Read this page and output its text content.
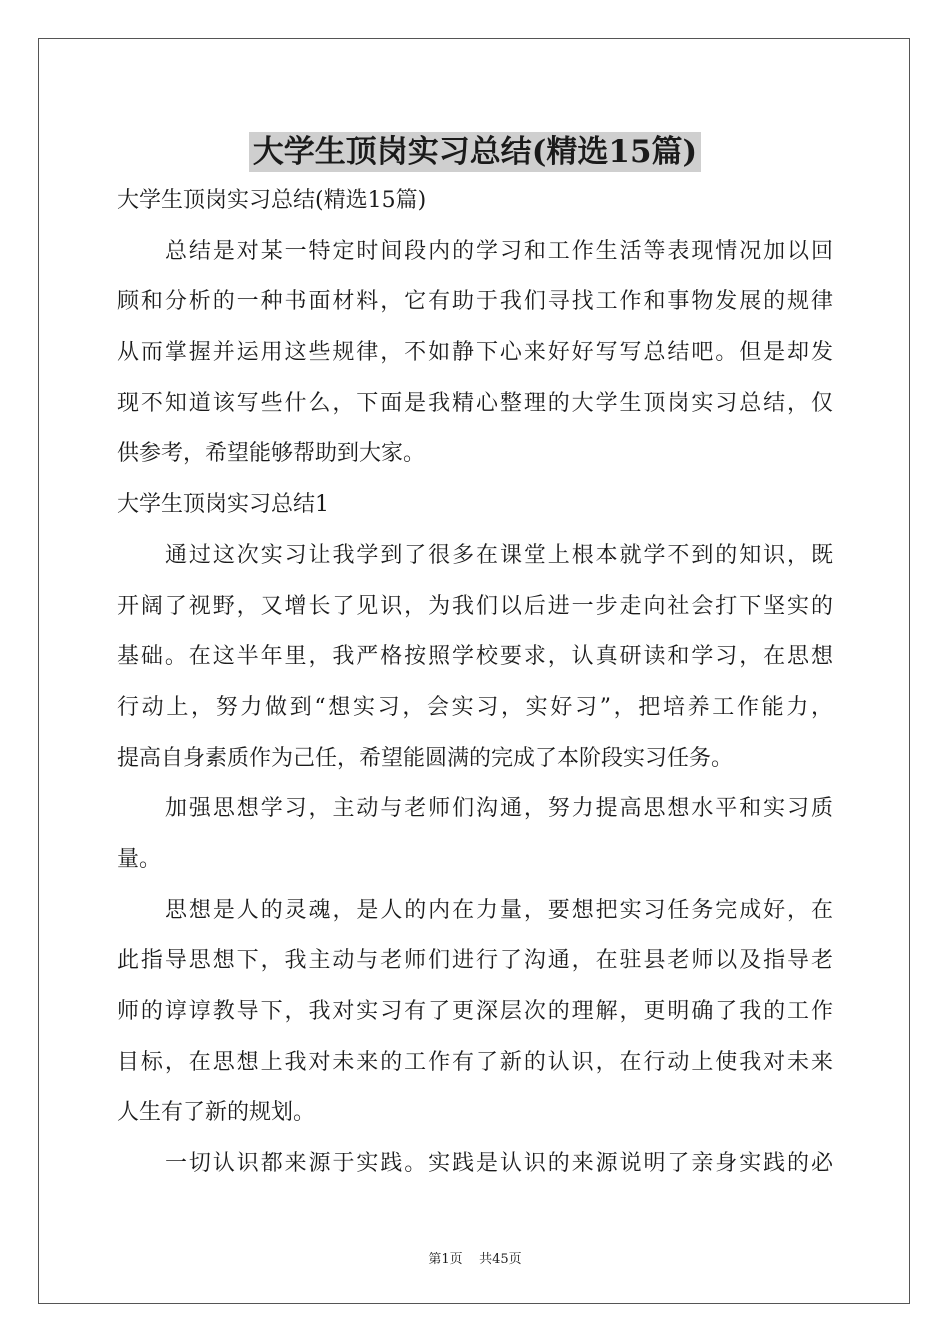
大学生顶岗实习总结(精选15篇)
大学生顶岗实习总结(精选15篇)
总结是对某一特定时间段内的学习和工作生活等表现情况加以回
顾和分析的一种书面材料，它有助于我们寻找工作和事物发展的规律
从而掌握并运用这些规律，不如静下心来好好写写总结吧。但是却发
现不知道该写些什么，下面是我精心整理的大学生顶岗实习总结，仅
供参考，希望能够帮助到大家。
大学生顶岗实习总结1
通过这次实习让我学到了很多在课堂上根本就学不到的知识，既
开阔了视野，又增长了见识，为我们以后进一步走向社会打下坚实的
基础。在这半年里，我严格按照学校要求，认真研读和学习，在思想
行动上，努力做到“想实习，会实习，实好习”，把培养工作能力，
提高自身素质作为己任，希望能圆满的完成了本阶段实习任务。
加强思想学习，主动与老师们沟通，努力提高思想水平和实习质
量。
思想是人的灵魂，是人的内在力量，要想把实习任务完成好，在
此指导思想下，我主动与老师们进行了沟通，在驻县老师以及指导老
师的谆谆教导下，我对实习有了更深层次的理解，更明确了我的工作
目标，在思想上我对未来的工作有了新的认识，在行动上使我对未来
人生有了新的规划。
一切认识都来源于实践。实践是认识的来源说明了亲身实践的必
第1页 共45页
